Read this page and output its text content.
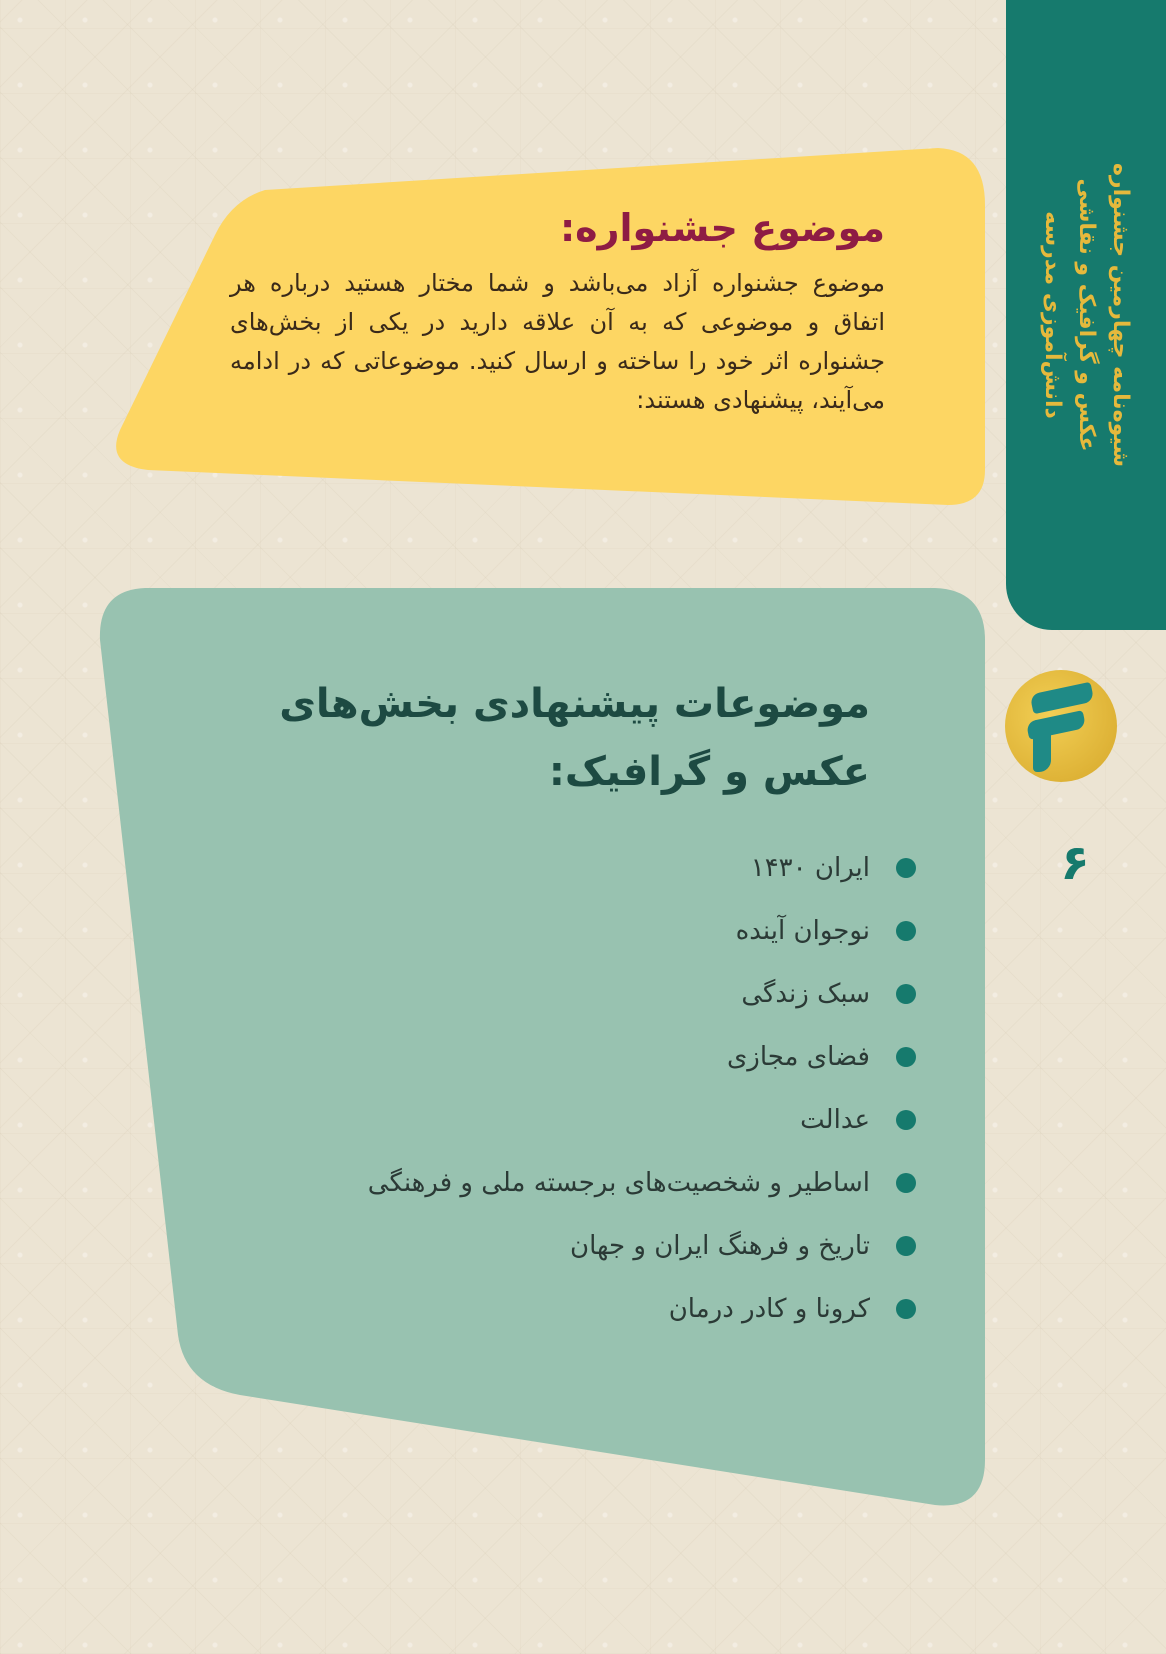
شیوه‌نامه چهارمین جشنواره
عکس و گرافیک و نقاشی
دانش‌آموزی مدرسه
۶
موضوع جشنواره:
موضوع جشنواره آزاد می‌باشد و شما مختار هستید درباره هر اتفاق و موضوعی که به آن علاقه دارید در یکی از بخش‌های جشنواره اثر خود را ساخته و ارسال کنید. موضوعاتی که در ادامه می‌آیند، پیشنهادی هستند:
موضوعات پیشنهادی بخش‌های
عکس و گرافیک:
ایران ۱۴۳۰
نوجوان آینده
سبک زندگی
فضای مجازی
عدالت
اساطیر و شخصیت‌های برجسته ملی و فرهنگی
تاریخ و فرهنگ ایران و جهان
کرونا و کادر درمان
